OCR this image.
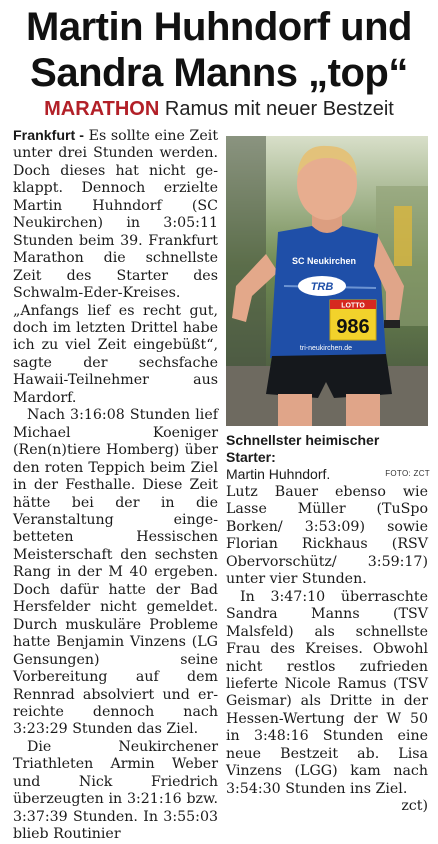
Martin Huhndorf und
Sandra Manns „top“
MARATHON Ramus mit neuer Bestzeit

Frankfurt - Es sollte eine Zeit unter drei Stunden werden. Doch dieses hat nicht geklappt. Dennoch erzielte Martin Huhndorf (SC Neukirchen) in 3:05:11 Stunden beim 39. Frankfurt Marathon die schnellste Zeit des Starter des Schwalm-Eder-Kreises. „Anfangs lief es recht gut, doch im letzten Drittel habe ich zu viel Zeit eingebüßt“, sagte der sechsfache Hawaii-Teilnehmer aus Mardorf.

Nach 3:16:08 Stunden lief Michael Koeniger (Ren(n)tiere Homberg) über den roten Teppich beim Ziel in der Festhalle. Diese Zeit hätte bei der in die Veranstaltung eingebetteten Hessischen Meisterschaft den sechsten Rang in der M 40 ergeben. Doch dafür hatte der Bad Hersfelder nicht gemeldet. Durch muskuläre Probleme hatte Benjamin Vinzens (LG Gensungen) seine Vorbereitung auf dem Rennrad absolviert und erreichte dennoch nach 3:23:29 Stunden das Ziel.

Die Neukirchener Triathleten Armin Weber und Nick Friedrich überzeugten in 3:21:16 bzw. 3:37:39 Stunden. In 3:55:03 blieb Routinier

SC Neukirchen
TRB
LOTTO
986
tri-neukirchen.de
Schnellster heimischer Starter:
Martin Huhndorf.	FOTO: ZCT

Lutz Bauer ebenso wie Lasse Müller (TuSpo Borken/ 3:53:09) sowie Florian Rickhaus (RSV Obervorschütz/ 3:59:17) unter vier Stunden.

In 3:47:10 überraschte Sandra Manns (TSV Malsfeld) als schnellste Frau des Kreises. Obwohl nicht restlos zufrieden lieferte Nicole Ramus (TSV Geismar) als Dritte in der Hessen-Wertung der W 50 in 3:48:16 Stunden eine neue Bestzeit ab. Lisa Vinzens (LGG) kam nach 3:54:30 Stunden ins Ziel.

zct)
